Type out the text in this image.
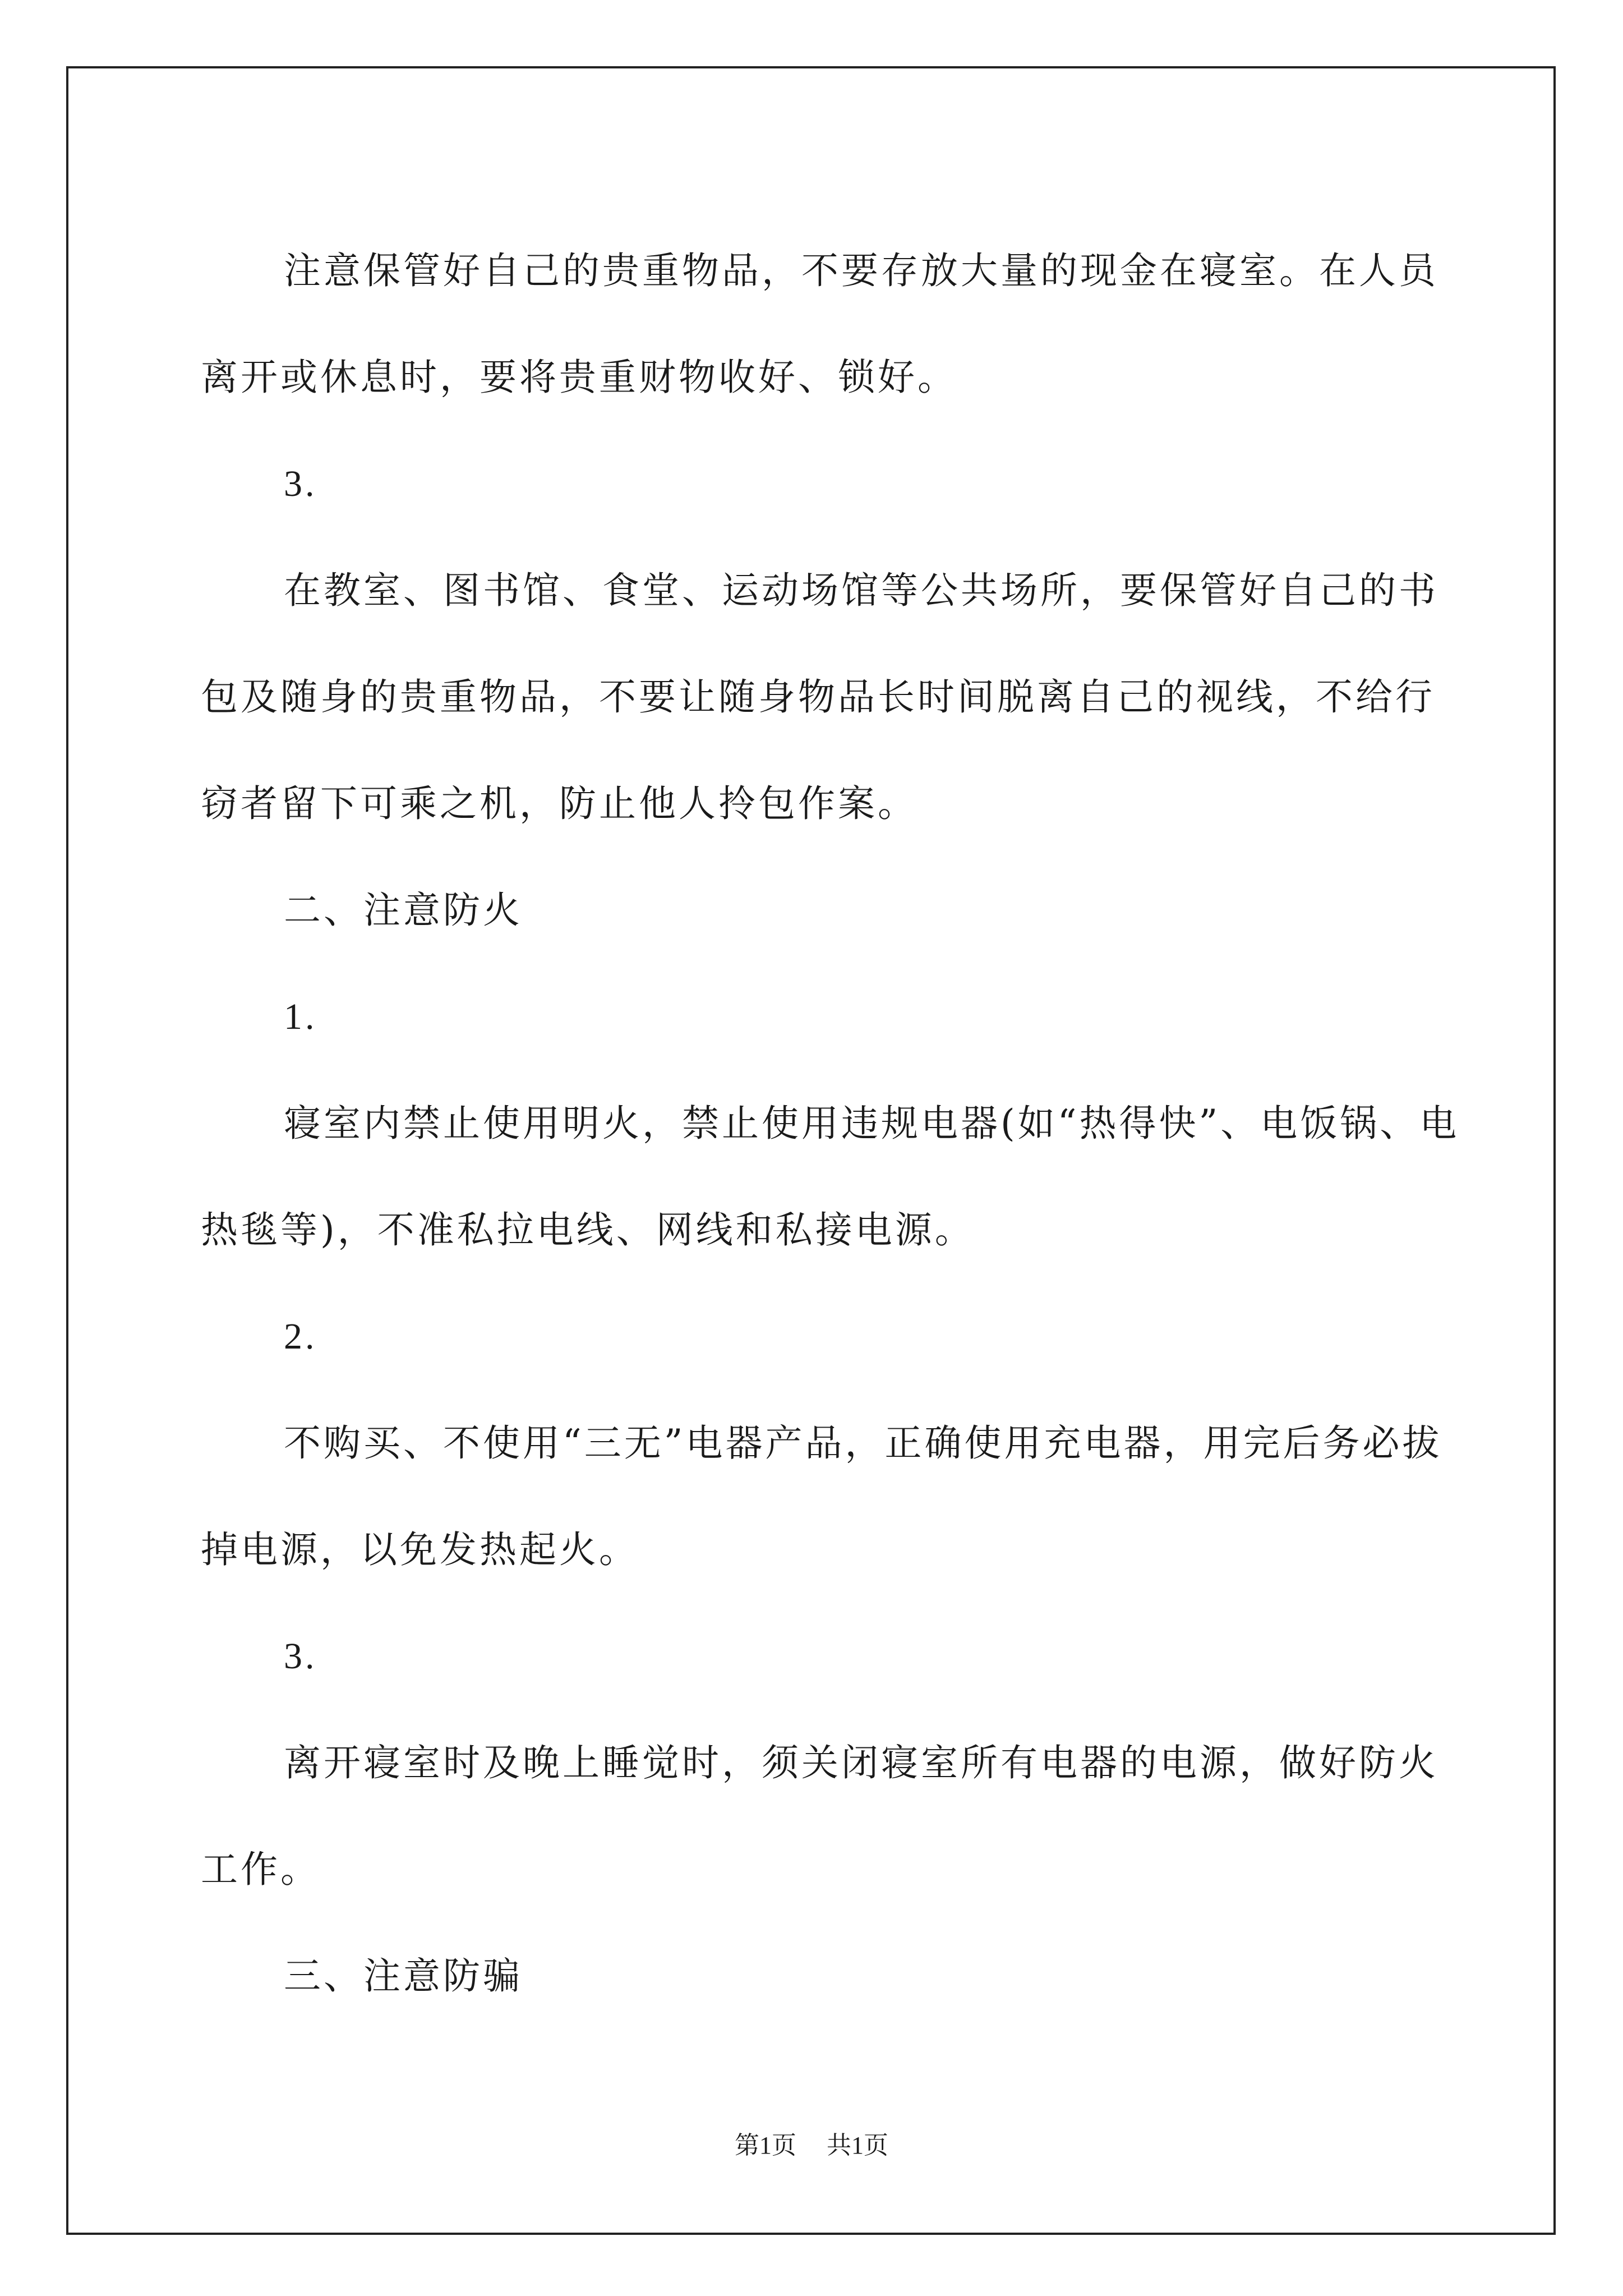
注意保管好自己的贵重物品，不要存放大量的现金在寝室。在人员离开或休息时，要将贵重财物收好、锁好。

3.

在教室、图书馆、食堂、运动场馆等公共场所，要保管好自己的书包及随身的贵重物品，不要让随身物品长时间脱离自己的视线，不给行窃者留下可乘之机，防止他人拎包作案。

二、注意防火

1.

寝室内禁止使用明火，禁止使用违规电器(如“热得快”、电饭锅、电热毯等)，不准私拉电线、网线和私接电源。

2.

不购买、不使用“三无”电器产品，正确使用充电器，用完后务必拔掉电源，以免发热起火。

3.

离开寝室时及晚上睡觉时，须关闭寝室所有电器的电源，做好防火工作。

三、注意防骗

第1页 共1页
